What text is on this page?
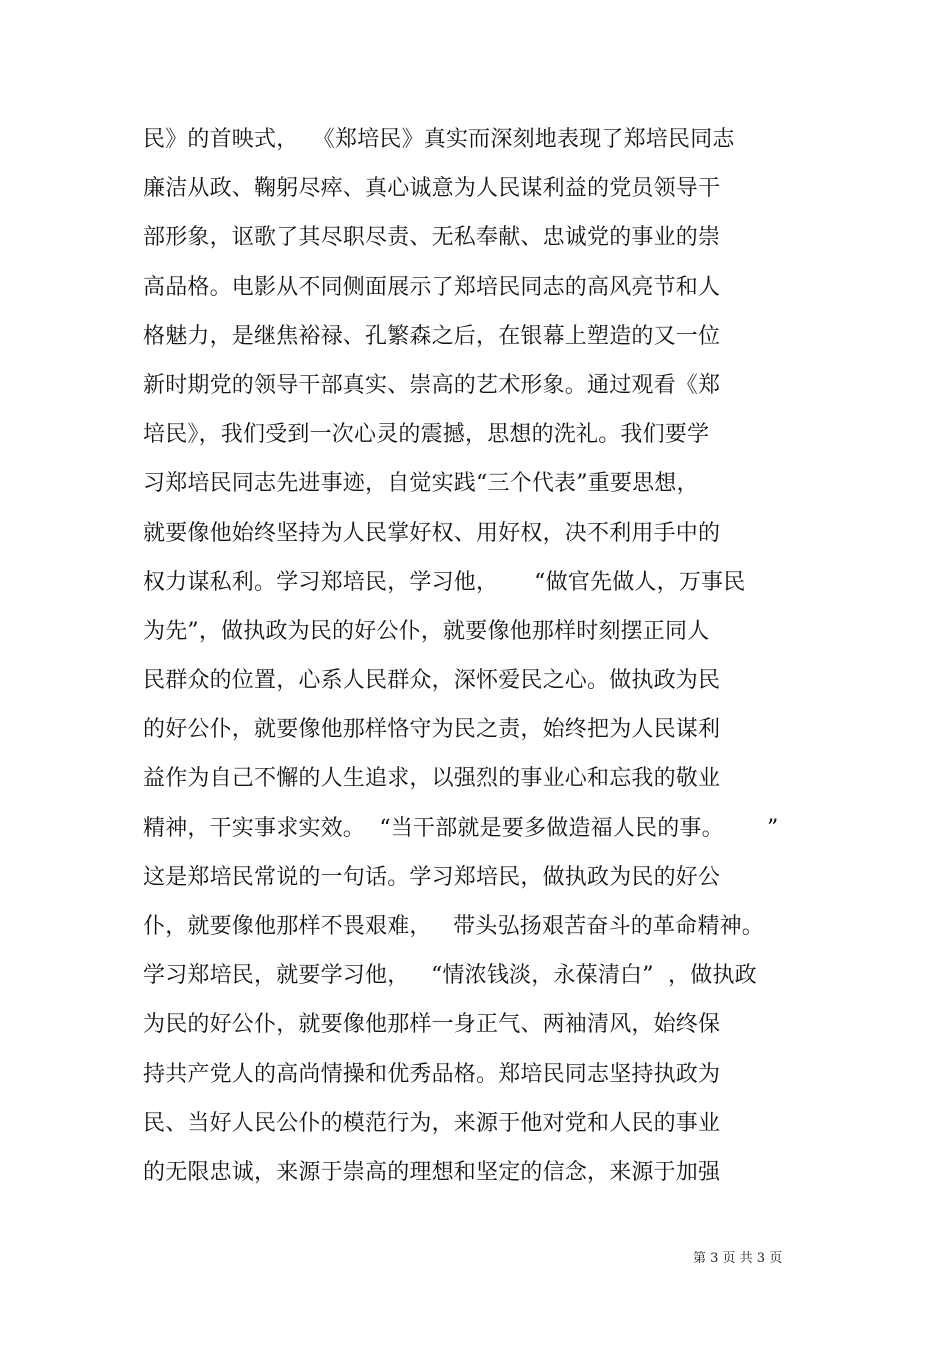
民》的首映式，  《郑培民》真实而深刻地表现了郑培民同志
廉洁从政、鞠躬尽瘁、真心诚意为人民谋利益的党员领导干
部形象，讴歌了其尽职尽责、无私奉献、忠诚党的事业的崇
高品格。电影从不同侧面展示了郑培民同志的高风亮节和人
格魅力，是继焦裕禄、孔繁森之后，在银幕上塑造的又一位
新时期党的领导干部真实、崇高的艺术形象。通过观看《郑
培民》，我们受到一次心灵的震撼，思想的洗礼。我们要学
习郑培民同志先进事迹，自觉实践“三个代表”重要思想，
就要像他始终坚持为人民掌好权、用好权，决不利用手中的
权力谋私利。学习郑培民，学习他，     “做官先做人，万事民
为先”，做执政为民的好公仆，就要像他那样时刻摆正同人
民群众的位置，心系人民群众，深怀爱民之心。做执政为民
的好公仆，就要像他那样恪守为民之责，始终把为人民谋利
益作为自己不懈的人生追求，以强烈的事业心和忘我的敬业
精神，干实事求实效。  “当干部就是要多做造福人民的事。      ”
这是郑培民常说的一句话。学习郑培民，做执政为民的好公
仆，就要像他那样不畏艰难，   带头弘扬艰苦奋斗的革命精神。
学习郑培民，就要学习他，   “情浓钱淡，永葆清白”  ，做执政
为民的好公仆，就要像他那样一身正气、两袖清风，始终保
持共产党人的高尚情操和优秀品格。郑培民同志坚持执政为
民、当好人民公仆的模范行为，来源于他对党和人民的事业
的无限忠诚，来源于崇高的理想和坚定的信念，来源于加强
第 3 页 共 3 页
